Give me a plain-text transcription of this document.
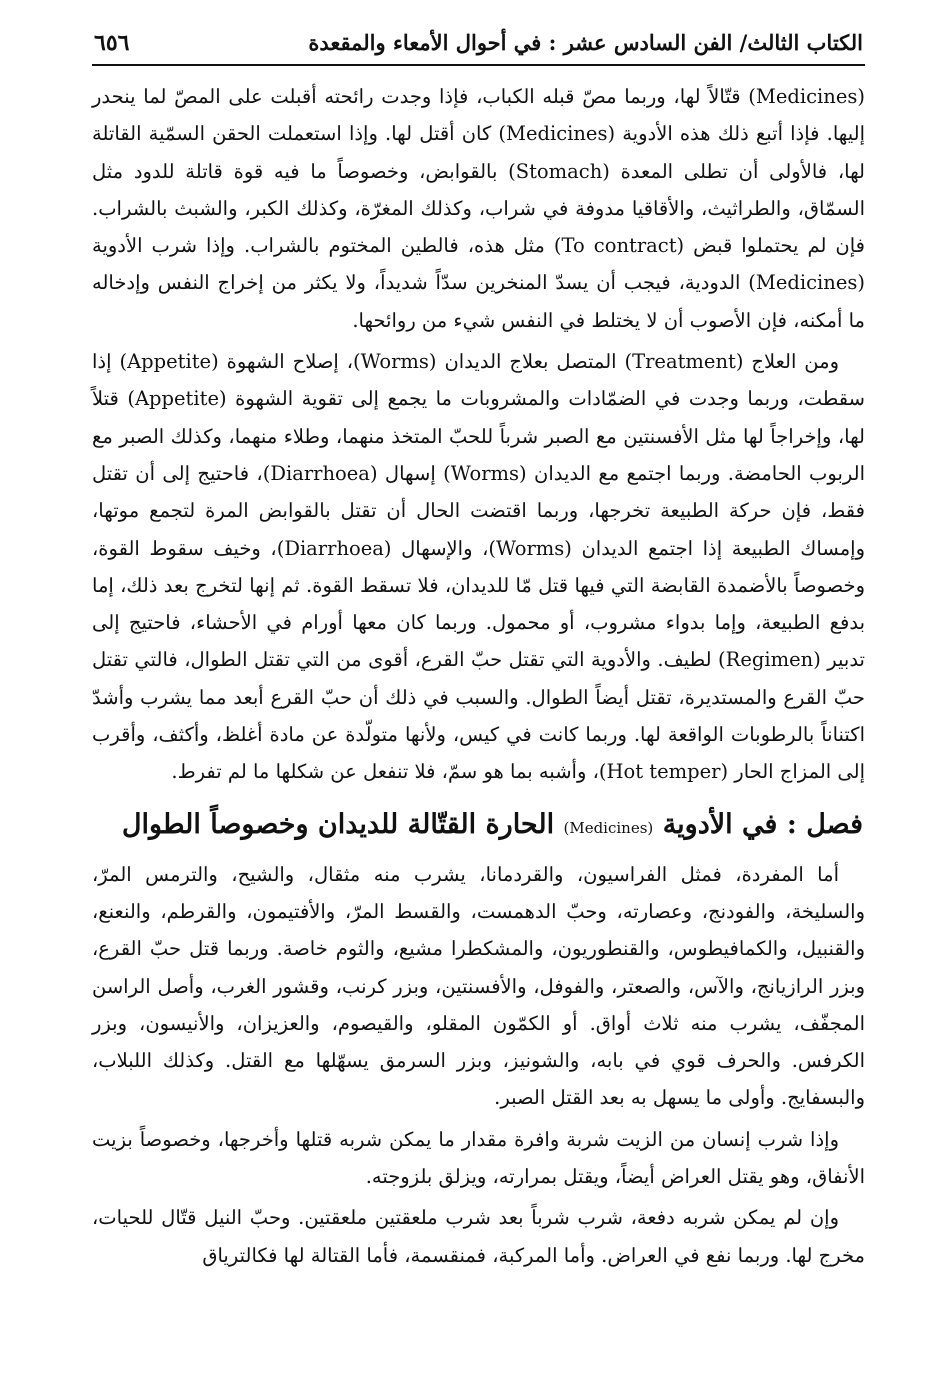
الكتاب الثالث/ الفن السادس عشر : في أحوال الأمعاء والمقعدة
٦٥٦

(Medicines) قتّالاً لها، وربما مصّ قبله الكباب، فإذا وجدت رائحته أقبلت على المصّ لما ينحدر إليها. فإذا أتبع ذلك هذه الأدوية (Medicines) كان أقتل لها. وإذا استعملت الحقن السمّية القاتلة لها، فالأولى أن تطلى المعدة (Stomach) بالقوابض، وخصوصاً ما فيه قوة قاتلة للدود مثل السمّاق، والطراثيث، والأقاقيا مدوفة في شراب، وكذلك المغرّة، وكذلك الكبر، والشبث بالشراب. فإن لم يحتملوا قبض (To contract) مثل هذه، فالطين المختوم بالشراب. وإذا شرب الأدوية (Medicines) الدودية، فيجب أن يسدّ المنخرين سدّاً شديداً، ولا يكثر من إخراج النفس وإدخاله ما أمكنه، فإن الأصوب أن لا يختلط في النفس شيء من روائحها.

ومن العلاج (Treatment) المتصل بعلاج الديدان (Worms)، إصلاح الشهوة (Appetite) إذا سقطت، وربما وجدت في الضمّادات والمشروبات ما يجمع إلى تقوية الشهوة (Appetite) قتلاً لها، وإخراجاً لها مثل الأفسنتين مع الصبر شرباً للحبّ المتخذ منهما، وطلاء منهما، وكذلك الصبر مع الربوب الحامضة. وربما اجتمع مع الديدان (Worms) إسهال (Diarrhoea)، فاحتيج إلى أن تقتل فقط، فإن حركة الطبيعة تخرجها، وربما اقتضت الحال أن تقتل بالقوابض المرة لتجمع موتها، وإمساك الطبيعة إذا اجتمع الديدان (Worms)، والإسهال (Diarrhoea)، وخيف سقوط القوة، وخصوصاً بالأضمدة القابضة التي فيها قتل مّا للديدان، فلا تسقط القوة. ثم إنها لتخرج بعد ذلك، إما بدفع الطبيعة، وإما بدواء مشروب، أو محمول. وربما كان معها أورام في الأحشاء، فاحتيج إلى تدبير (Regimen) لطيف. والأدوية التي تقتل حبّ القرع، أقوى من التي تقتل الطوال، فالتي تقتل حبّ القرع والمستديرة، تقتل أيضاً الطوال. والسبب في ذلك أن حبّ القرع أبعد مما يشرب وأشدّ اكتناناً بالرطوبات الواقعة لها. وربما كانت في كيس، ولأنها متولّدة عن مادة أغلظ، وأكثف، وأقرب إلى المزاج الحار (Hot temper)، وأشبه بما هو سمّ، فلا تنفعل عن شكلها ما لم تفرط.

فصل : في الأدوية (Medicines) الحارة القتّالة للديدان وخصوصاً الطوال

أما المفردة، فمثل الفراسيون، والقردمانا، يشرب منه مثقال، والشيح، والترمس المرّ، والسليخة، والفودنج، وعصارته، وحبّ الدهمست، والقسط المرّ، والأفتيمون، والقرطم، والنعنع، والقنبيل، والكمافيطوس، والقنطوريون، والمشكطرا مشيع، والثوم خاصة. وربما قتل حبّ القرع، وبزر الرازيانج، والآس، والصعتر، والفوفل، والأفسنتين، وبزر كرنب، وقشور الغرب، وأصل الراسن المجفّف، يشرب منه ثلاث أواق. أو الكمّون المقلو، والقيصوم، والعزيزان، والأنيسون، وبزر الكرفس. والحرف قوي في بابه، والشونيز، وبزر السرمق يسهّلها مع القتل. وكذلك اللبلاب، والبسفايج. وأولى ما يسهل به بعد القتل الصبر.

وإذا شرب إنسان من الزيت شربة وافرة مقدار ما يمكن شربه قتلها وأخرجها، وخصوصاً بزيت الأنفاق، وهو يقتل العراض أيضاً، ويقتل بمرارته، ويزلق بلزوجته.

وإن لم يمكن شربه دفعة، شرب شرباً بعد شرب ملعقتين ملعقتين. وحبّ النيل قتّال للحيات، مخرج لها. وربما نفع في العراض. وأما المركبة، فمنقسمة، فأما القتالة لها فكالترياق
